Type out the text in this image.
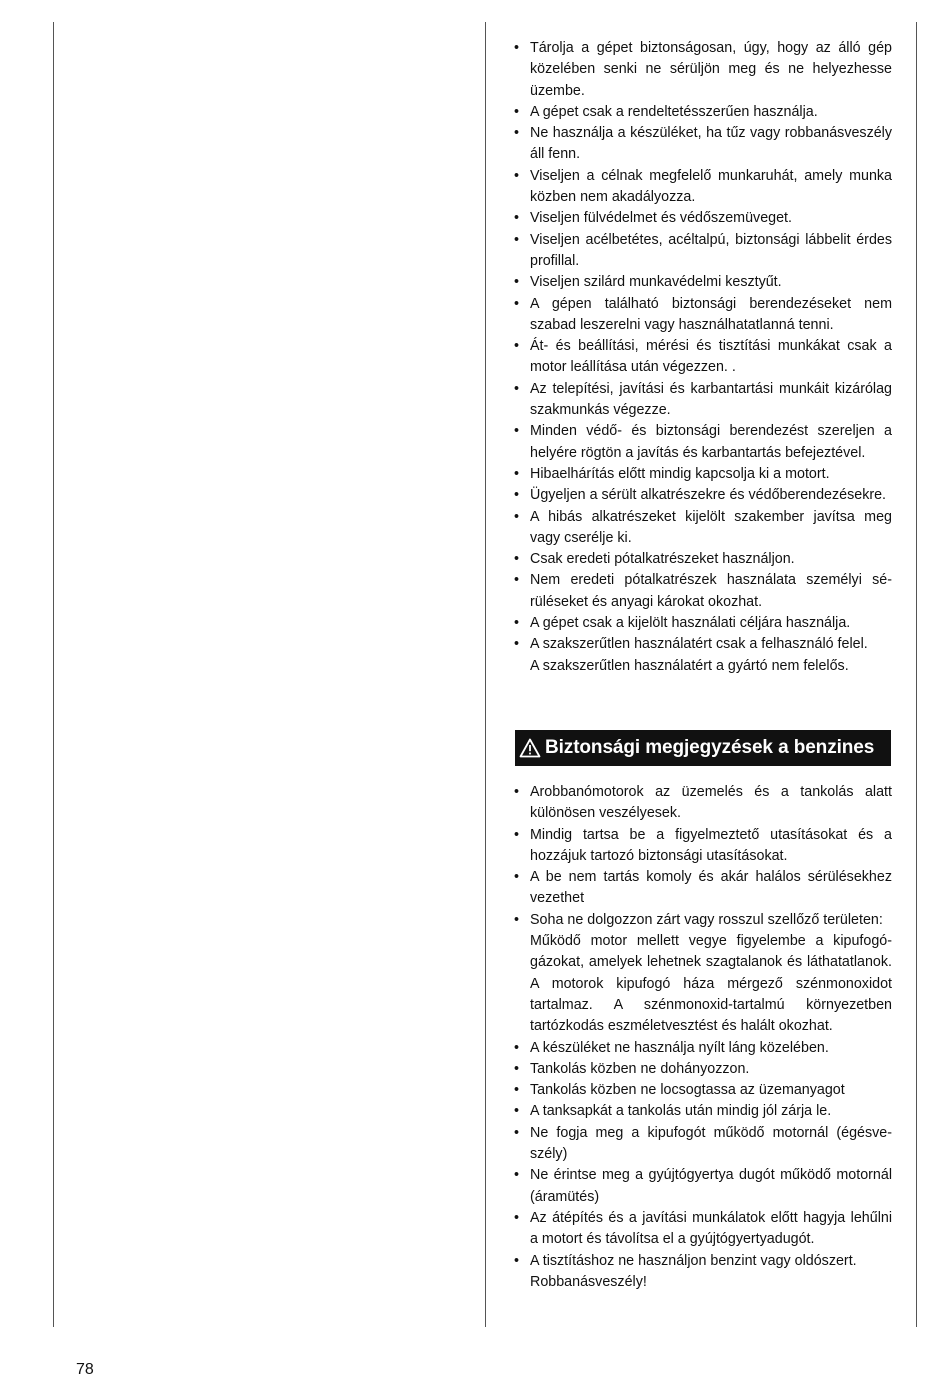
• Tárolja a gépet biztonságosan, úgy, hogy az álló gép közelében senki ne sérüljön meg és ne helyezhesse üzembe.
• A gépet csak a rendeltetésszerűen használja.
• Ne használja a készüléket, ha tűz vagy robbanásveszély áll fenn.
• Viseljen a célnak megfelelő munkaruhát, amely munka közben nem akadályozza.
• Viseljen fülvédelmet és védőszemüveget.
• Viseljen acélbetétes, acéltalpú, biztonsági lábbelit érdes profillal.
• Viseljen szilárd munkavédelmi kesztyűt.
• A gépen található biztonsági berendezéseket nem szabad leszerelni vagy használhatatlanná tenni.
• Át- és beállítási, mérési és tisztítási munkákat csak a motor leállítása után végezzen. .
• Az telepítési, javítási és karbantartási munkáit kizárólag szakmunkás végezze.
• Minden védő- és biztonsági berendezést szereljen a helyére rögtön a javítás és karbantartás befejeztével.
• Hibaelhárítás előtt mindig kapcsolja ki a motort.
• Ügyeljen a sérült alkatrészekre és védőberendezésekre.
• A hibás alkatrészeket kijelölt szakember javítsa meg vagy cserélje ki.
• Csak eredeti pótalkatrészeket használjon.
• Nem eredeti pótalkatrészek használata személyi sérüléseket és anyagi károkat okozhat.
• A gépet csak a kijelölt használati céljára használja.
• A szakszerűtlen használatért csak a felhasználó felel.
A szakszerűtlen használatért a gyártó nem felelős.
Biztonsági megjegyzések a benzines
• Arobbanómotorok az üzemelés és a tankolás alatt különösen veszélyesek.
• Mindig tartsa be a figyelmeztető utasításokat és a hozzájuk tartozó biztonsági utasításokat.
• A be nem tartás komoly és akár halálos sérülésekhez vezethet
• Soha ne dolgozzon zárt vagy rosszul szellőző területen:
Működő motor mellett vegye figyelembe a kipufogógázokat, amelyek lehetnek szagtalanok és láthatatlanok. A motorok kipufogó háza mérgező szénmonoxidot tartalmaz. A szénmonoxid-tartalmú környezetben tartózkodás eszméletvesztést és halált okozhat.
• A készüléket ne használja nyílt láng közelében.
• Tankolás közben ne dohányozzon.
• Tankolás közben ne locsogtassa az üzemanyagot
• A tanksapkát a tankolás után mindig jól zárja le.
• Ne fogja meg a kipufogót működő motornál (égésveszély)
• Ne érintse meg a gyújtógyertya dugót működő motornál (áramütés)
• Az átépítés és a javítási munkálatok előtt hagyja lehűlni a motort és távolítsa el a gyújtógyertyadugót.
• A tisztításhoz ne használjon benzint vagy oldószert.
Robbanásveszély!
78
